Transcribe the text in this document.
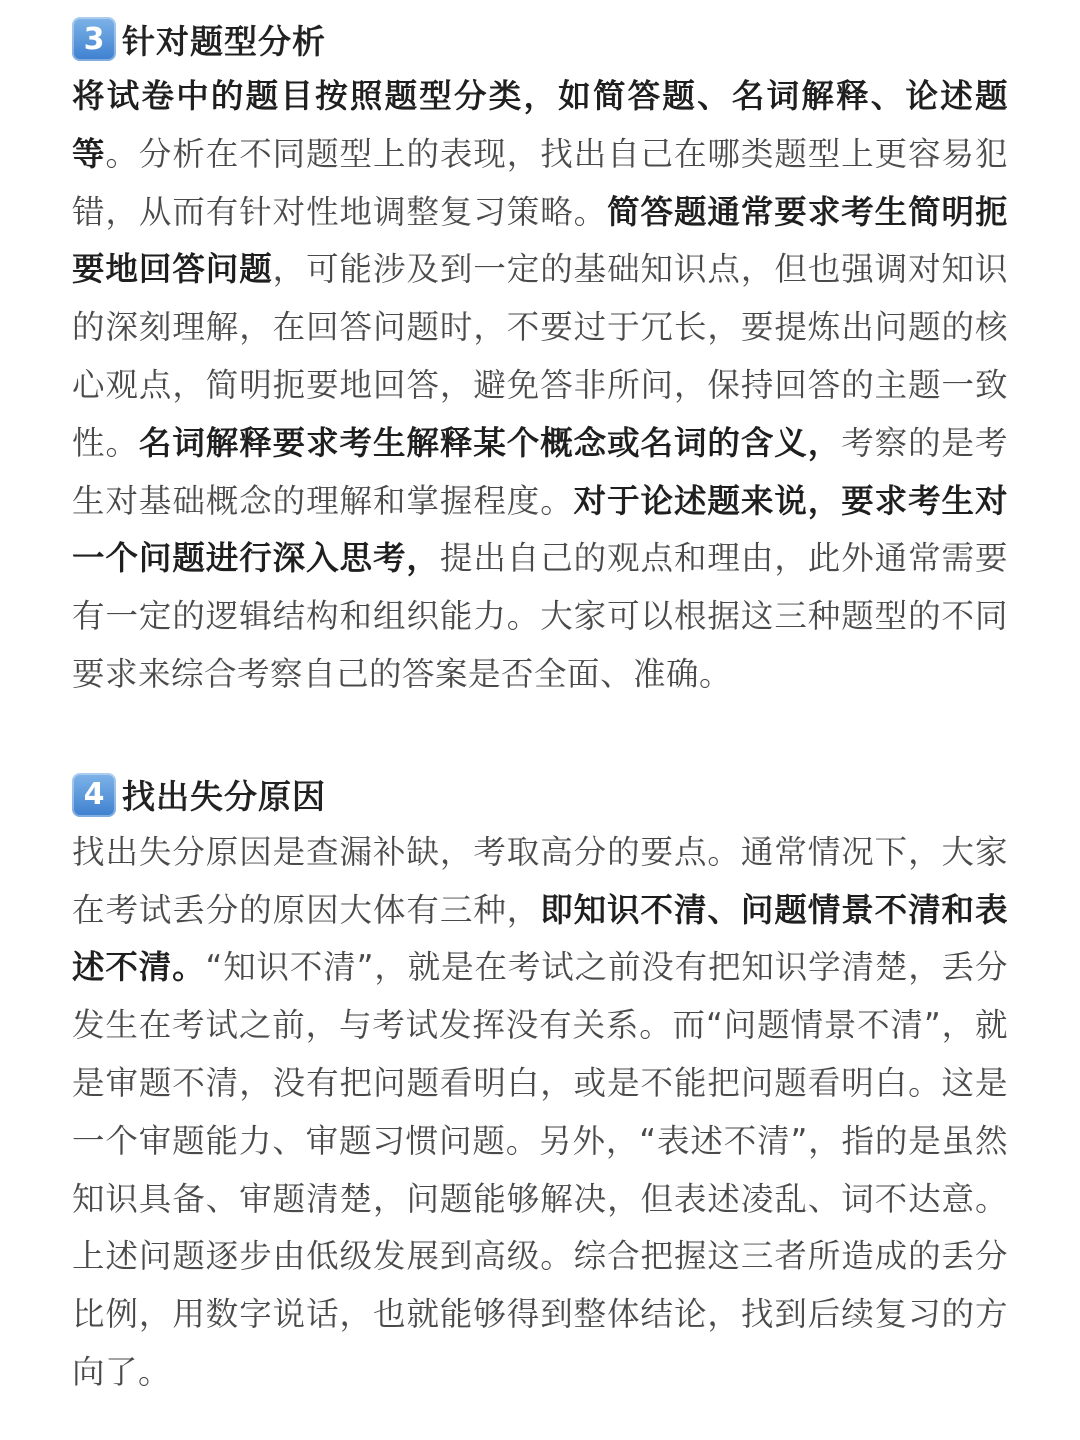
3 针对题型分析

将试卷中的题目按照题型分类，如简答题、名词解释、论述题等。分析在不同题型上的表现，找出自己在哪类题型上更容易犯错，从而有针对性地调整复习策略。简答题通常要求考生简明扼要地回答问题，可能涉及到一定的基础知识点，但也强调对知识的深刻理解，在回答问题时，不要过于冗长，要提炼出问题的核心观点，简明扼要地回答，避免答非所问，保持回答的主题一致性。名词解释要求考生解释某个概念或名词的含义，考察的是考生对基础概念的理解和掌握程度。对于论述题来说，要求考生对一个问题进行深入思考，提出自己的观点和理由，此外通常需要有一定的逻辑结构和组织能力。大家可以根据这三种题型的不同要求来综合考察自己的答案是否全面、准确。

4 找出失分原因

找出失分原因是查漏补缺，考取高分的要点。通常情况下，大家在考试丢分的原因大体有三种，即知识不清、问题情景不清和表述不清。“知识不清”，就是在考试之前没有把知识学清楚，丢分发生在考试之前，与考试发挥没有关系。而“问题情景不清”，就是审题不清，没有把问题看明白，或是不能把问题看明白。这是一个审题能力、审题习惯问题。另外，“表述不清”，指的是虽然知识具备、审题清楚，问题能够解决，但表述凌乱、词不达意。上述问题逐步由低级发展到高级。综合把握这三者所造成的丢分比例，用数字说话，也就能够得到整体结论，找到后续复习的方向了。
